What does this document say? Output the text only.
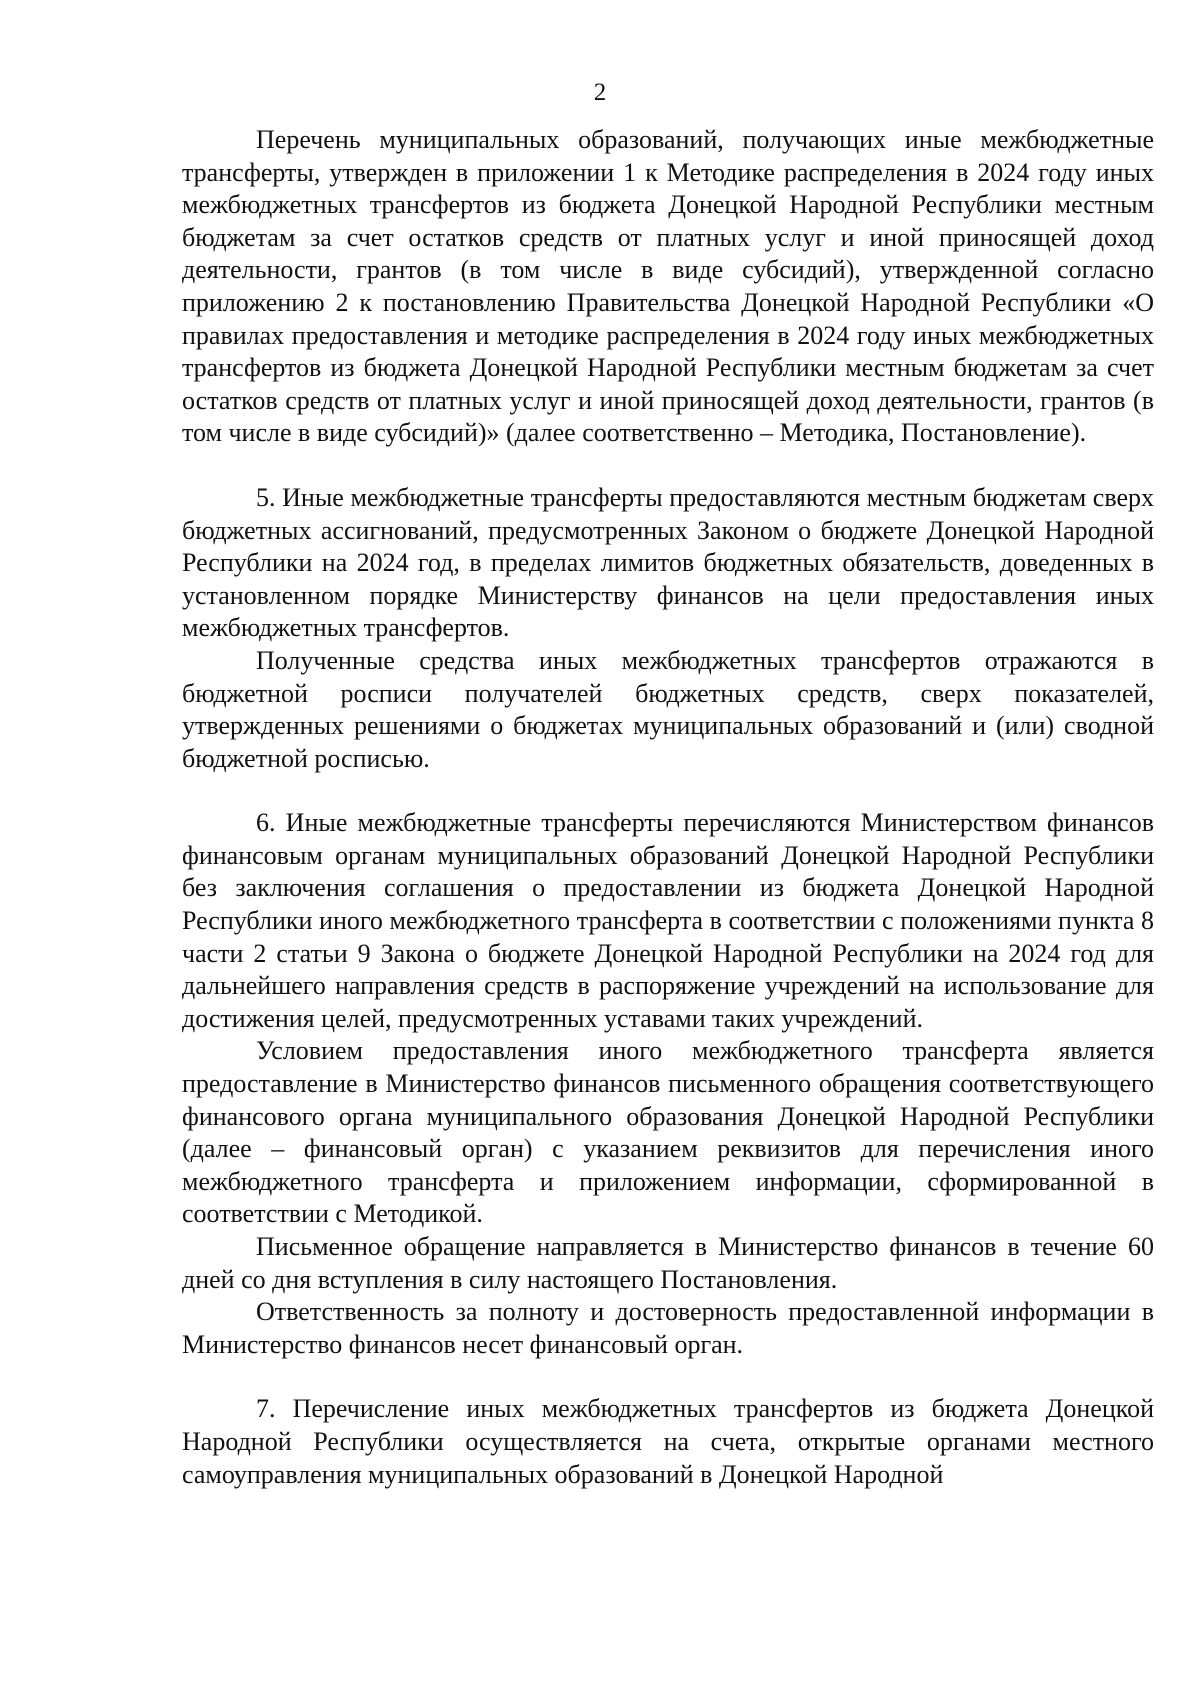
2

Перечень муниципальных образований, получающих иные межбюджетные трансферты, утвержден в приложении 1 к Методике распределения в 2024 году иных межбюджетных трансфертов из бюджета Донецкой Народной Республики местным бюджетам за счет остатков средств от платных услуг и иной приносящей доход деятельности, грантов (в том числе в виде субсидий), утвержденной согласно приложению 2 к постановлению Правительства Донецкой Народной Республики «О правилах предоставления и методике распределения в 2024 году иных межбюджетных трансфертов из бюджета Донецкой Народной Республики местным бюджетам за счет остатков средств от платных услуг и иной приносящей доход деятельности, грантов (в том числе в виде субсидий)» (далее соответственно – Методика, Постановление).

5. Иные межбюджетные трансферты предоставляются местным бюджетам сверх бюджетных ассигнований, предусмотренных Законом о бюджете Донецкой Народной Республики на 2024 год, в пределах лимитов бюджетных обязательств, доведенных в установленном порядке Министерству финансов на цели предоставления иных межбюджетных трансфертов.

Полученные средства иных межбюджетных трансфертов отражаются в бюджетной росписи получателей бюджетных средств, сверх показателей, утвержденных решениями о бюджетах муниципальных образований и (или) сводной бюджетной росписью.

6. Иные межбюджетные трансферты перечисляются Министерством финансов финансовым органам муниципальных образований Донецкой Народной Республики без заключения соглашения о предоставлении из бюджета Донецкой Народной Республики иного межбюджетного трансферта в соответствии с положениями пункта 8 части 2 статьи 9 Закона о бюджете Донецкой Народной Республики на 2024 год для дальнейшего направления средств в распоряжение учреждений на использование для достижения целей, предусмотренных уставами таких учреждений.

Условием предоставления иного межбюджетного трансферта является предоставление в Министерство финансов письменного обращения соответствующего финансового органа муниципального образования Донецкой Народной Республики (далее – финансовый орган) с указанием реквизитов для перечисления иного межбюджетного трансферта и приложением информации, сформированной в соответствии с Методикой.

Письменное обращение направляется в Министерство финансов в течение 60 дней со дня вступления в силу настоящего Постановления.

Ответственность за полноту и достоверность предоставленной информации в Министерство финансов несет финансовый орган.

7. Перечисление иных межбюджетных трансфертов из бюджета Донецкой Народной Республики осуществляется на счета, открытые органами местного самоуправления муниципальных образований в Донецкой Народной
